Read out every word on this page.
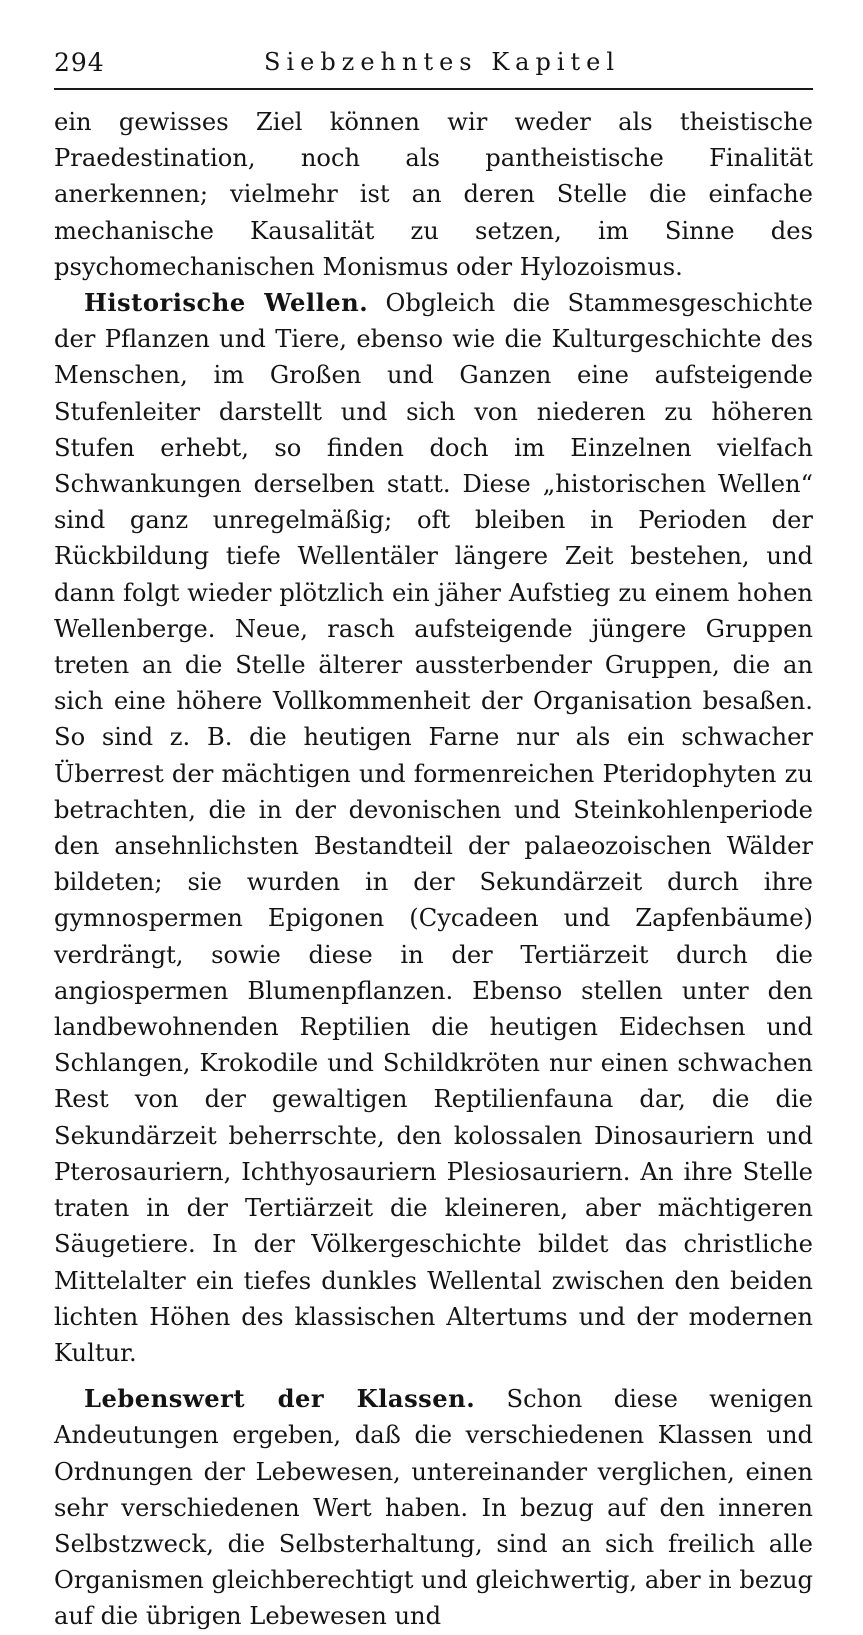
294	Siebzehntes Kapitel

ein gewisses Ziel können wir weder als theistische Praedestination, noch als pantheistische Finalität anerkennen; vielmehr ist an deren Stelle die einfache mechanische Kausalität zu setzen, im Sinne des psychomechanischen Monismus oder Hylozoismus.

Historische Wellen. Obgleich die Stammesgeschichte der Pflanzen und Tiere, ebenso wie die Kulturgeschichte des Menschen, im Großen und Ganzen eine aufsteigende Stufenleiter darstellt und sich von niederen zu höheren Stufen erhebt, so finden doch im Einzelnen vielfach Schwankungen derselben statt. Diese „historischen Wellen“ sind ganz unregelmäßig; oft bleiben in Perioden der Rückbildung tiefe Wellentäler längere Zeit bestehen, und dann folgt wieder plötzlich ein jäher Aufstieg zu einem hohen Wellenberge. Neue, rasch aufsteigende jüngere Gruppen treten an die Stelle älterer aussterbender Gruppen, die an sich eine höhere Vollkommenheit der Organisation besaßen. So sind z. B. die heutigen Farne nur als ein schwacher Überrest der mächtigen und formenreichen Pteridophyten zu betrachten, die in der devonischen und Steinkohlenperiode den ansehnlichsten Bestandteil der palaeozoischen Wälder bildeten; sie wurden in der Sekundärzeit durch ihre gymnospermen Epigonen (Cycadeen und Zapfenbäume) verdrängt, sowie diese in der Tertiärzeit durch die angiospermen Blumenpflanzen. Ebenso stellen unter den landbewohnenden Reptilien die heutigen Eidechsen und Schlangen, Krokodile und Schildkröten nur einen schwachen Rest von der gewaltigen Reptilienfauna dar, die die Sekundärzeit beherrschte, den kolossalen Dinosauriern und Pterosauriern, Ichthyosauriern Plesiosauriern. An ihre Stelle traten in der Tertiärzeit die kleineren, aber mächtigeren Säugetiere. In der Völkergeschichte bildet das christliche Mittelalter ein tiefes dunkles Wellental zwischen den beiden lichten Höhen des klassischen Altertums und der modernen Kultur.

Lebenswert der Klassen. Schon diese wenigen Andeutungen ergeben, daß die verschiedenen Klassen und Ordnungen der Lebewesen, untereinander verglichen, einen sehr verschiedenen Wert haben. In bezug auf den inneren Selbstzweck, die Selbsterhaltung, sind an sich freilich alle Organismen gleichberechtigt und gleichwertig, aber in bezug auf die übrigen Lebewesen und
